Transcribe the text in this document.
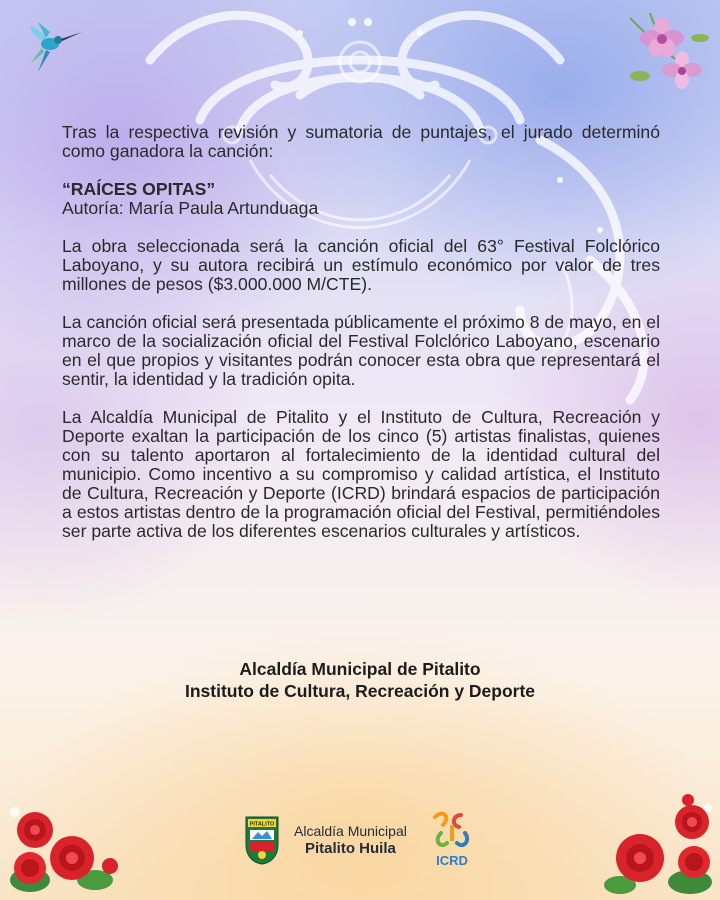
Tras la respectiva revisión y sumatoria de puntajes, el jurado determinó como ganadora la canción:

“RAÍCES OPITAS”
Autoría: María Paula Artunduaga

La obra seleccionada será la canción oficial del 63° Festival Folclórico Laboyano, y su autora recibirá un estímulo económico por valor de tres millones de pesos ($3.000.000 M/CTE).

La canción oficial será presentada públicamente el próximo 8 de mayo, en el marco de la socialización oficial del Festival Folclórico Laboyano, escenario en el que propios y visitantes podrán conocer esta obra que representará el sentir, la identidad y la tradición opita.

La Alcaldía Municipal de Pitalito y el Instituto de Cultura, Recreación y Deporte exaltan la participación de los cinco (5) artistas finalistas, quienes con su talento aportaron al fortalecimiento de la identidad cultural del municipio. Como incentivo a su compromiso y calidad artística, el Instituto de Cultura, Recreación y Deporte (ICRD) brindará espacios de participación a estos artistas dentro de la programación oficial del Festival, permitiéndoles ser parte activa de los diferentes escenarios culturales y artísticos.

Alcaldía Municipal de Pitalito
Instituto de Cultura, Recreación y Deporte
PITALITO Alcaldía Municipal
Pitalito Huila
ICRD
